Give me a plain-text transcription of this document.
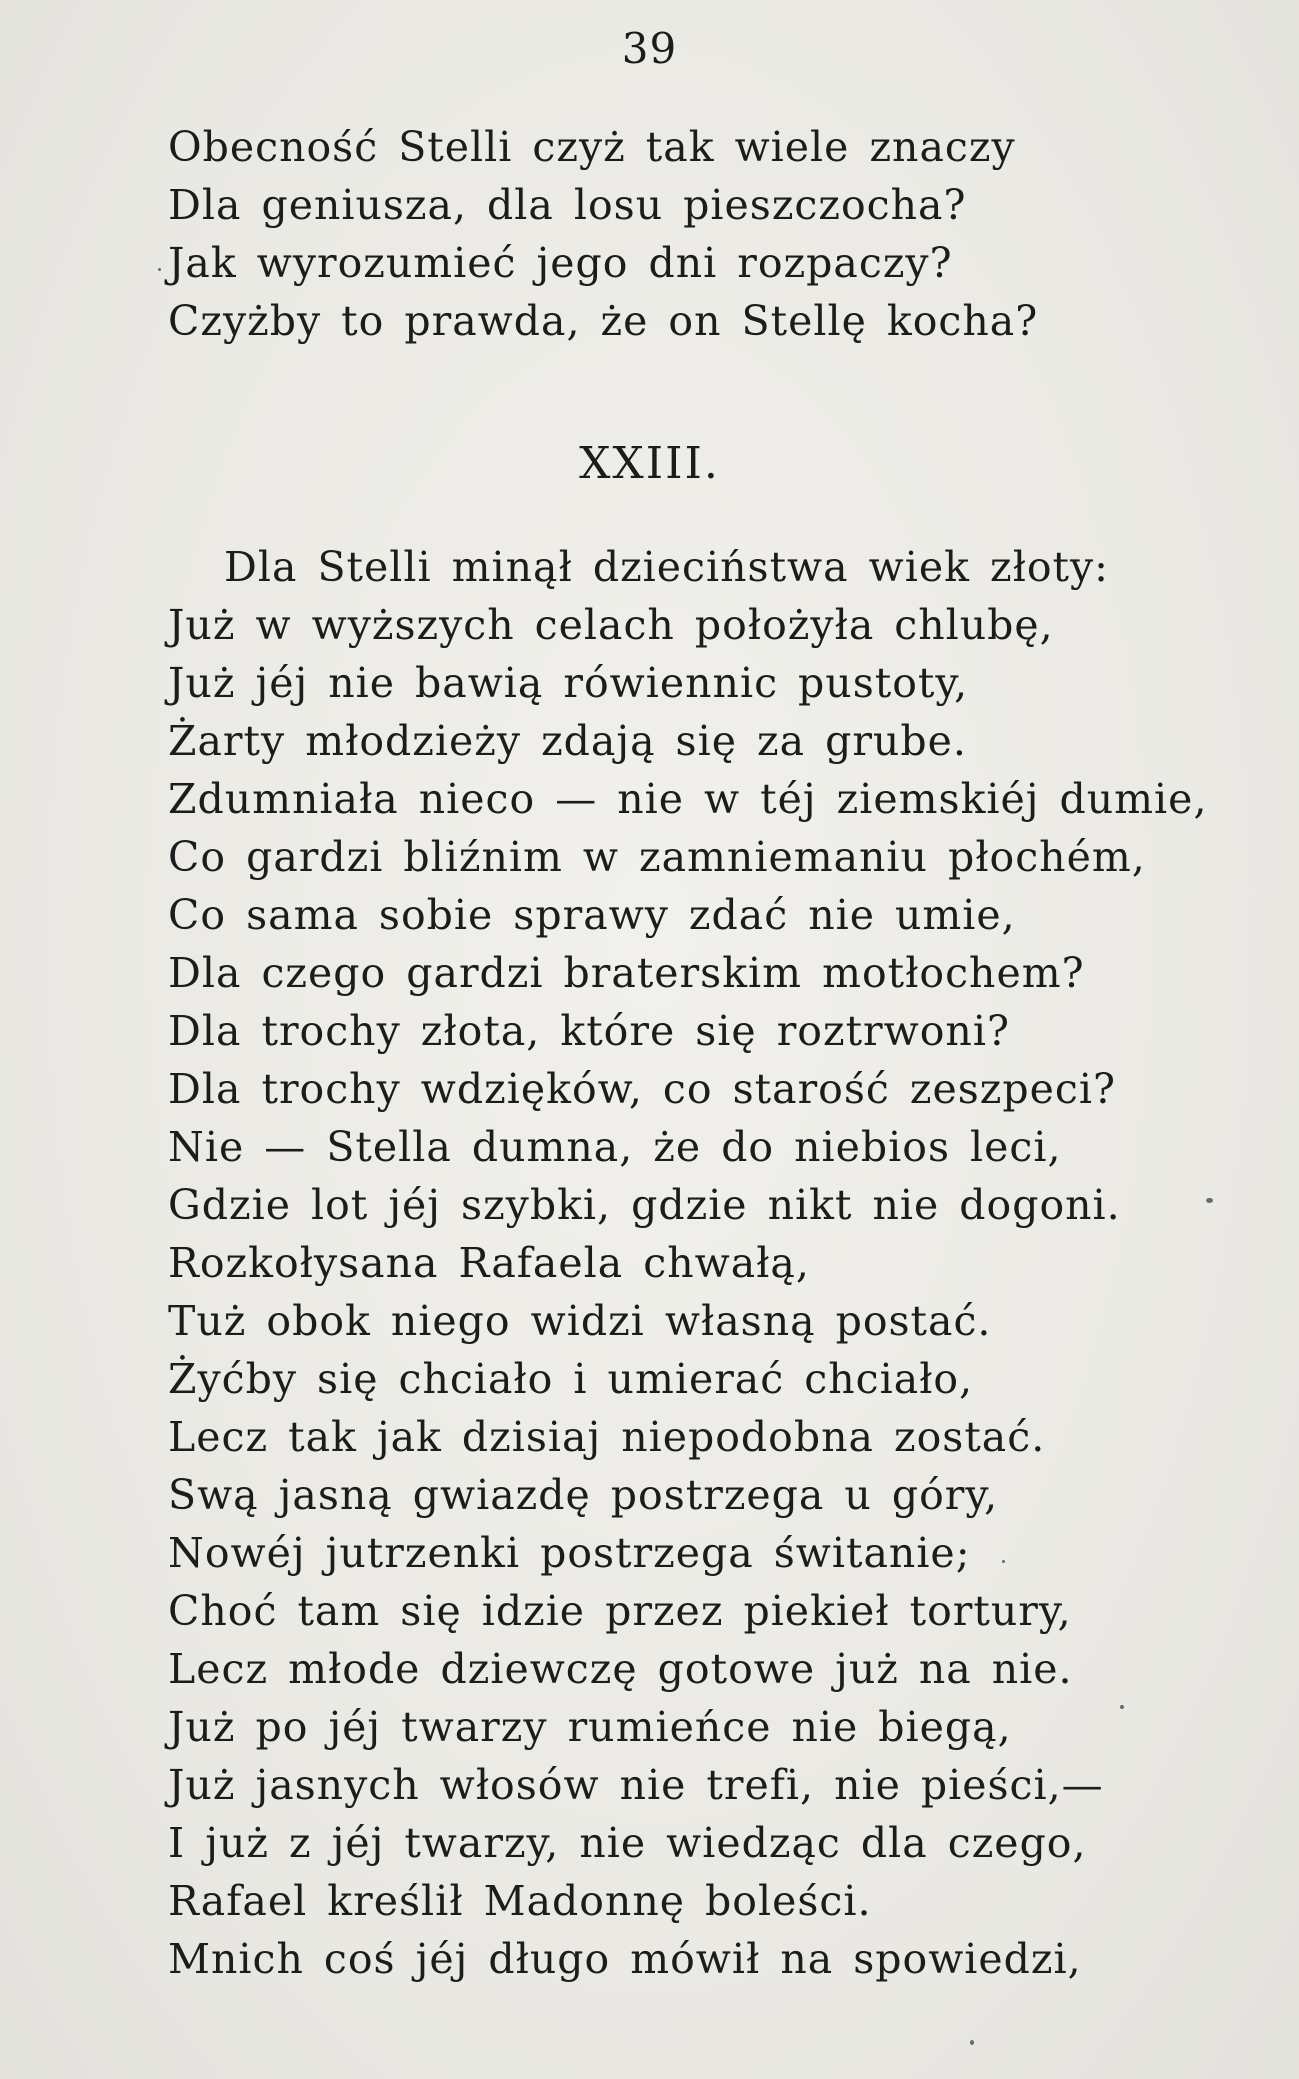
39
Obecność Stelli czyż tak wiele znaczy
Dla geniusza, dla losu pieszczocha?
Jak wyrozumieć jego dni rozpaczy?
Czyżby to prawda, że on Stellę kocha?
XXIII.
Dla Stelli minął dzieciństwa wiek złoty:
Już w wyższych celach położyła chlubę,
Już jéj nie bawią rówiennic pustoty,
Żarty młodzieży zdają się za grube.
Zdumniała nieco — nie w téj ziemskiéj dumie,
Co gardzi bliźnim w zamniemaniu płochém,
Co sama sobie sprawy zdać nie umie,
Dla czego gardzi braterskim motłochem?
Dla trochy złota, które się roztrwoni?
Dla trochy wdzięków, co starość zeszpeci?
Nie — Stella dumna, że do niebios leci,
Gdzie lot jéj szybki, gdzie nikt nie dogoni.
Rozkołysana Rafaela chwałą,
Tuż obok niego widzi własną postać.
Żyćby się chciało i umierać chciało,
Lecz tak jak dzisiaj niepodobna zostać.
Swą jasną gwiazdę postrzega u góry,
Nowéj jutrzenki postrzega świtanie;
Choć tam się idzie przez piekieł tortury,
Lecz młode dziewczę gotowe już na nie.
Już po jéj twarzy rumieńce nie biegą,
Już jasnych włosów nie trefi, nie pieści,—
I już z jéj twarzy, nie wiedząc dla czego,
Rafael kreślił Madonnę boleści.
Mnich coś jéj długo mówił na spowiedzi,
